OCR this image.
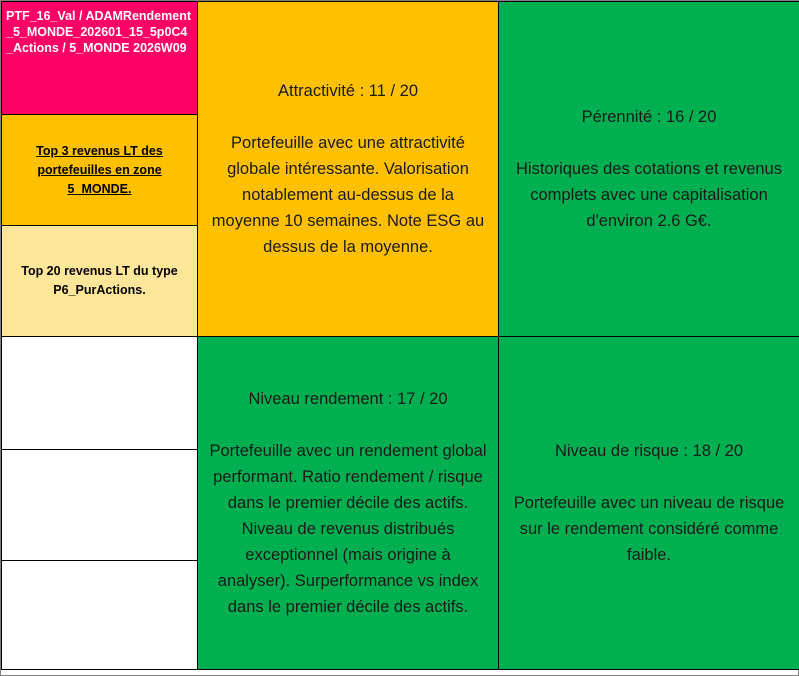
PTF_16_Val / ADAMRendement_5_MONDE_202601_15_5p0C4_Actions / 5_MONDE 2026W09
Top 3 revenus LT des portefeuilles en zone 5_MONDE.
Top 20 revenus LT du type P6_PurActions.
Attractivité : 11 / 20
Portefeuille avec une attractivité globale intéressante. Valorisation notablement au-dessus de la moyenne 10 semaines. Note ESG au dessus de la moyenne.
Pérennité : 16 / 20
Historiques des cotations et revenus complets avec une capitalisation d'environ 2.6 G€.
Niveau rendement : 17 / 20
Portefeuille avec un rendement global performant. Ratio rendement / risque dans le premier décile des actifs. Niveau de revenus distribués exceptionnel (mais origine à analyser). Surperformance vs index dans le premier décile des actifs.
Niveau de risque : 18 / 20
Portefeuille avec un niveau de risque sur le rendement considéré comme faible.
